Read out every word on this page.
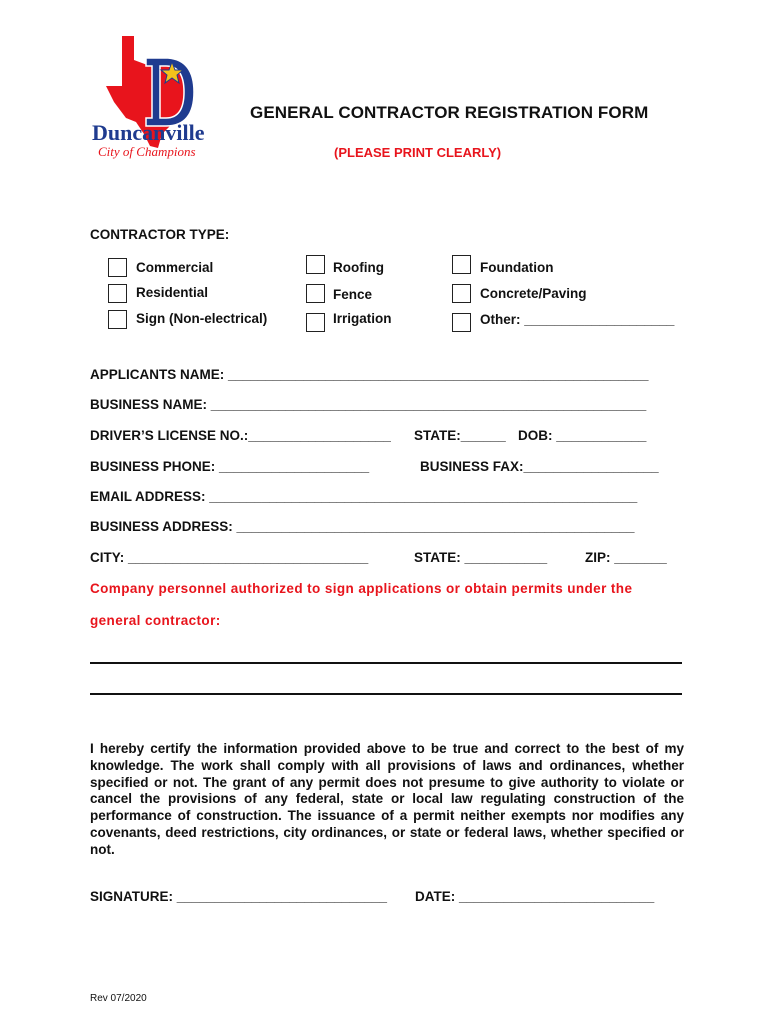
Duncanville
City of Champions
GENERAL CONTRACTOR REGISTRATION FORM
(PLEASE PRINT CLEARLY)
CONTRACTOR TYPE:
Commercial
Residential
Sign (Non-electrical)
Roofing
Fence
Irrigation
Foundation
Concrete/Paving
Other: ____________________
APPLICANTS NAME: ________________________________________________________
BUSINESS NAME: __________________________________________________________
DRIVER’S LICENSE NO.:___________________ STATE:______ DOB: ____________
BUSINESS PHONE: ____________________	BUSINESS FAX:__________________
EMAIL ADDRESS: _________________________________________________________
BUSINESS ADDRESS: _____________________________________________________
CITY: ________________________________	STATE: ___________	ZIP: _______
Company personnel authorized to sign applications or obtain permits under the
general contractor:
I hereby certify the information provided above to be true and correct to the best of my knowledge. The work shall comply with all provisions of laws and ordinances, whether specified or not. The grant of any permit does not presume to give authority to violate or cancel the provisions of any federal, state or local law regulating construction of the performance of construction. The issuance of a permit neither exempts nor modifies any covenants, deed restrictions, city ordinances, or state or federal laws, whether specified or not.
SIGNATURE: ____________________________ DATE: __________________________
Rev 07/2020
